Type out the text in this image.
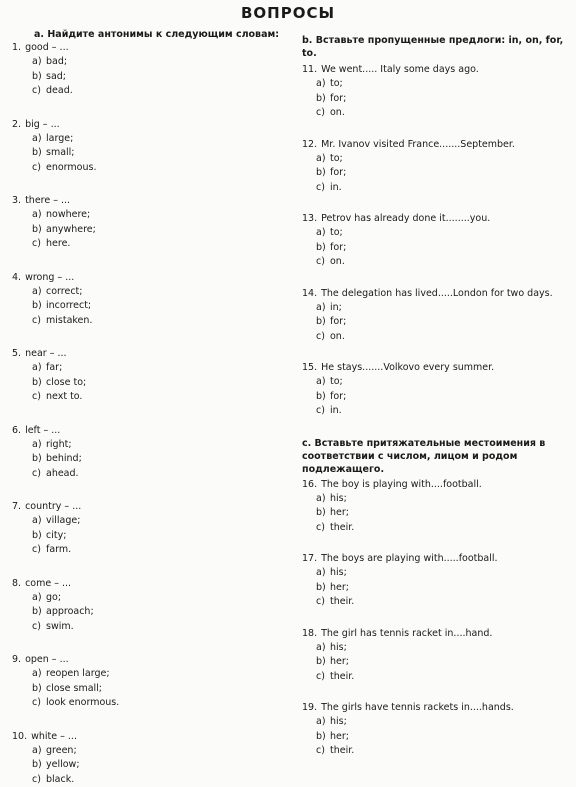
ВОПРОСЫ
a. Найдите антонимы к следующим словам:
1. good – ...
a) bad;
b) sad;
c) dead.
2. big – ...
a) large;
b) small;
c) enormous.
3. there – ...
a) nowhere;
b) anywhere;
c) here.
4. wrong – ...
a) correct;
b) incorrect;
c) mistaken.
5. near – ...
a) far;
b) close to;
c) next to.
6. left – ...
a) right;
b) behind;
c) ahead.
7. country – ...
a) village;
b) city;
c) farm.
8. come – ...
a) go;
b) approach;
c) swim.
9. open – ...
a) reopen large;
b) close small;
c) look enormous.
10. white – ...
a) green;
b) yellow;
c) black.
b. Вставьте пропущенные предлоги: in, on, for, to.
11. We went..... Italy some days ago.
a) to;
b) for;
c) on.
12. Mr. Ivanov visited France.......September.
a) to;
b) for;
c) in.
13. Petrov has already done it........you.
a) to;
b) for;
c) on.
14. The delegation has lived.....London for two days.
a) in;
b) for;
c) on.
15. He stays.......Volkovo every summer.
a) to;
b) for;
c) in.
c. Вставьте притяжательные местоимения в соответствии с числом, лицом и родом подлежащего.
16. The boy is playing with....football.
a) his;
b) her;
c) their.
17. The boys are playing with.....football.
a) his;
b) her;
c) their.
18. The girl has tennis racket in....hand.
a) his;
b) her;
c) their.
19. The girls have tennis rackets in....hands.
a) his;
b) her;
c) their.
